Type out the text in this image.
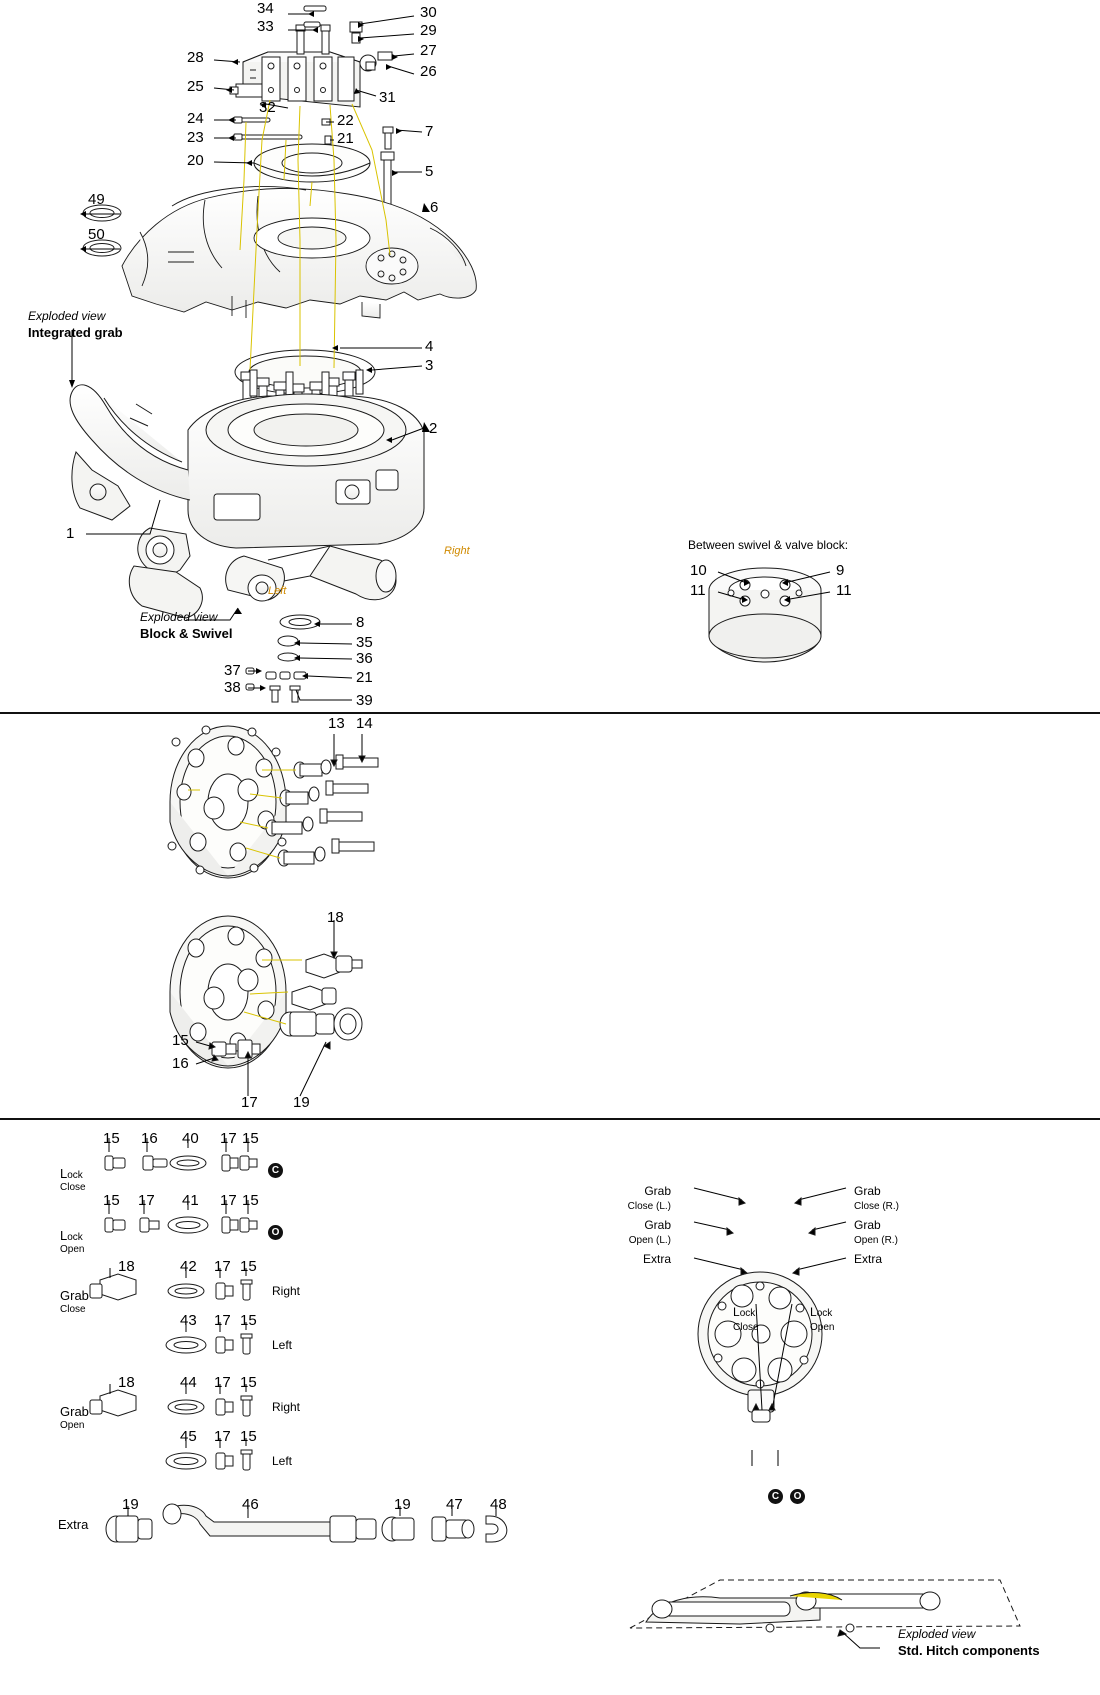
34
33
30
29
27
26
28
25
31
32
24
23
20
22
21	7
5
6
49
50
4
3
2
1
8
35
36
37
38
21
39
Exploded view
Integrated grab
Exploded view
Block & Swivel
Right
Left
Between swivel & valve block:
10	9
11	11
13 14
18
15
16
17 19
15 16 40 17 15
Lock
Close
C
15 17 41 17 15
Lock
Open
O
18	42 17 15
Right
Grab
Close
43 17 15
Left
18	44 17 15
Right
Grab
Open
45 17 15
Left
19	46	19 47 48
Extra
Grab
Close (L.)
Grab
Close (R.)
Grab
Open (L.)
Grab
Open (R.)
Extra	Extra
Lock
Close
Lock
Open
C	O
Exploded view
Std. Hitch components
